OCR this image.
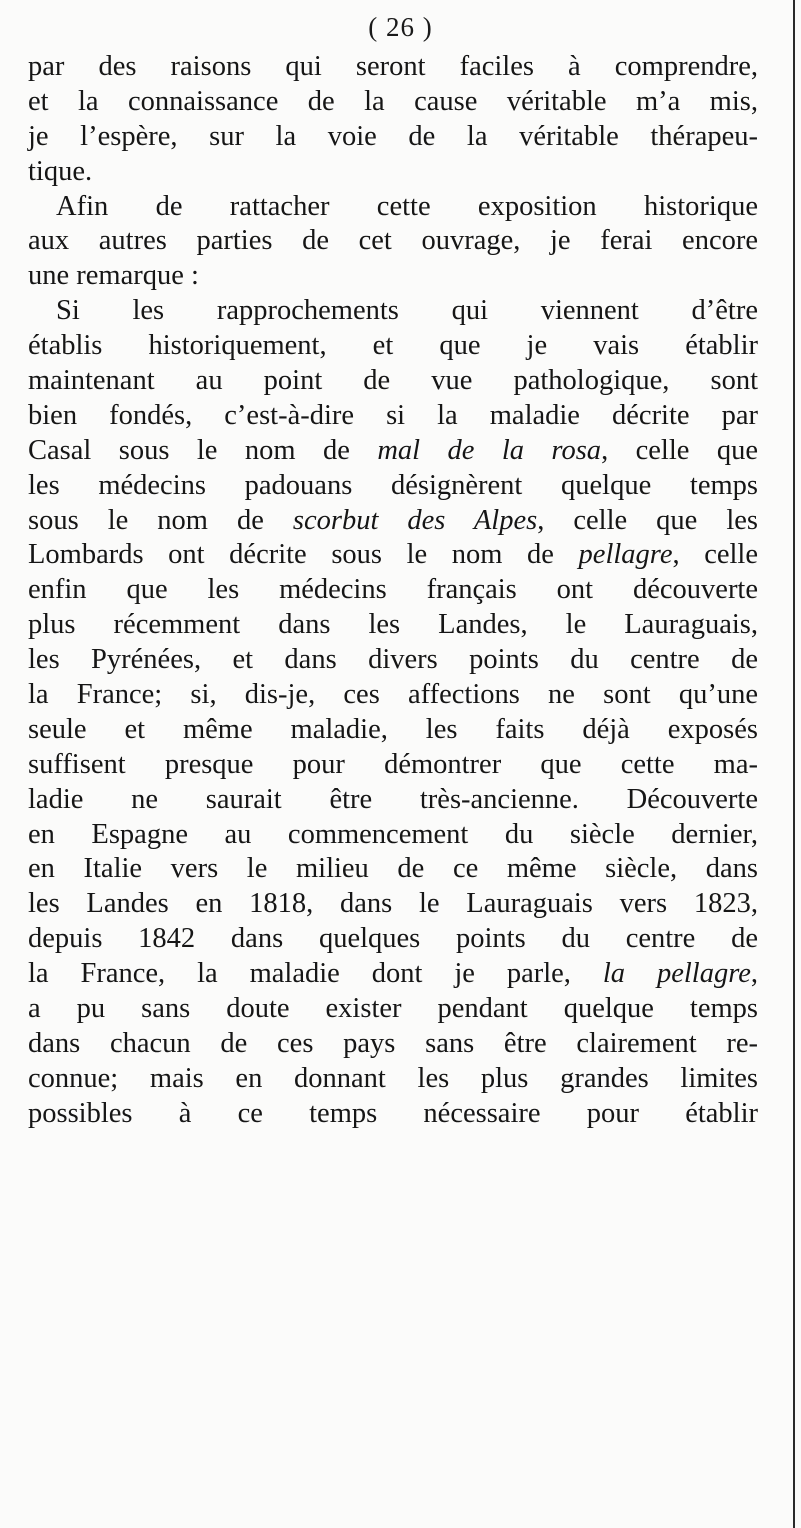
( 26 )
par des raisons qui seront faciles à comprendre,
et la connaissance de la cause véritable m’a mis,
je l’espère, sur la voie de la véritable thérapeu-
tique.
Afin de rattacher cette exposition historique
aux autres parties de cet ouvrage, je ferai encore
une remarque :
Si les rapprochements qui viennent d’être
établis historiquement, et que je vais établir
maintenant au point de vue pathologique, sont
bien fondés, c’est-à-dire si la maladie décrite par
Casal sous le nom de mal de la rosa, celle que
les médecins padouans désignèrent quelque temps
sous le nom de scorbut des Alpes, celle que les
Lombards ont décrite sous le nom de pellagre, celle
enfin que les médecins français ont découverte
plus récemment dans les Landes, le Lauraguais,
les Pyrénées, et dans divers points du centre de
la France; si, dis-je, ces affections ne sont qu’une
seule et même maladie, les faits déjà exposés
suffisent presque pour démontrer que cette ma-
ladie ne saurait être très-ancienne. Découverte
en Espagne au commencement du siècle dernier,
en Italie vers le milieu de ce même siècle, dans
les Landes en 1818, dans le Lauraguais vers 1823,
depuis 1842 dans quelques points du centre de
la France, la maladie dont je parle, la pellagre,
a pu sans doute exister pendant quelque temps
dans chacun de ces pays sans être clairement re-
connue; mais en donnant les plus grandes limites
possibles à ce temps nécessaire pour établir
